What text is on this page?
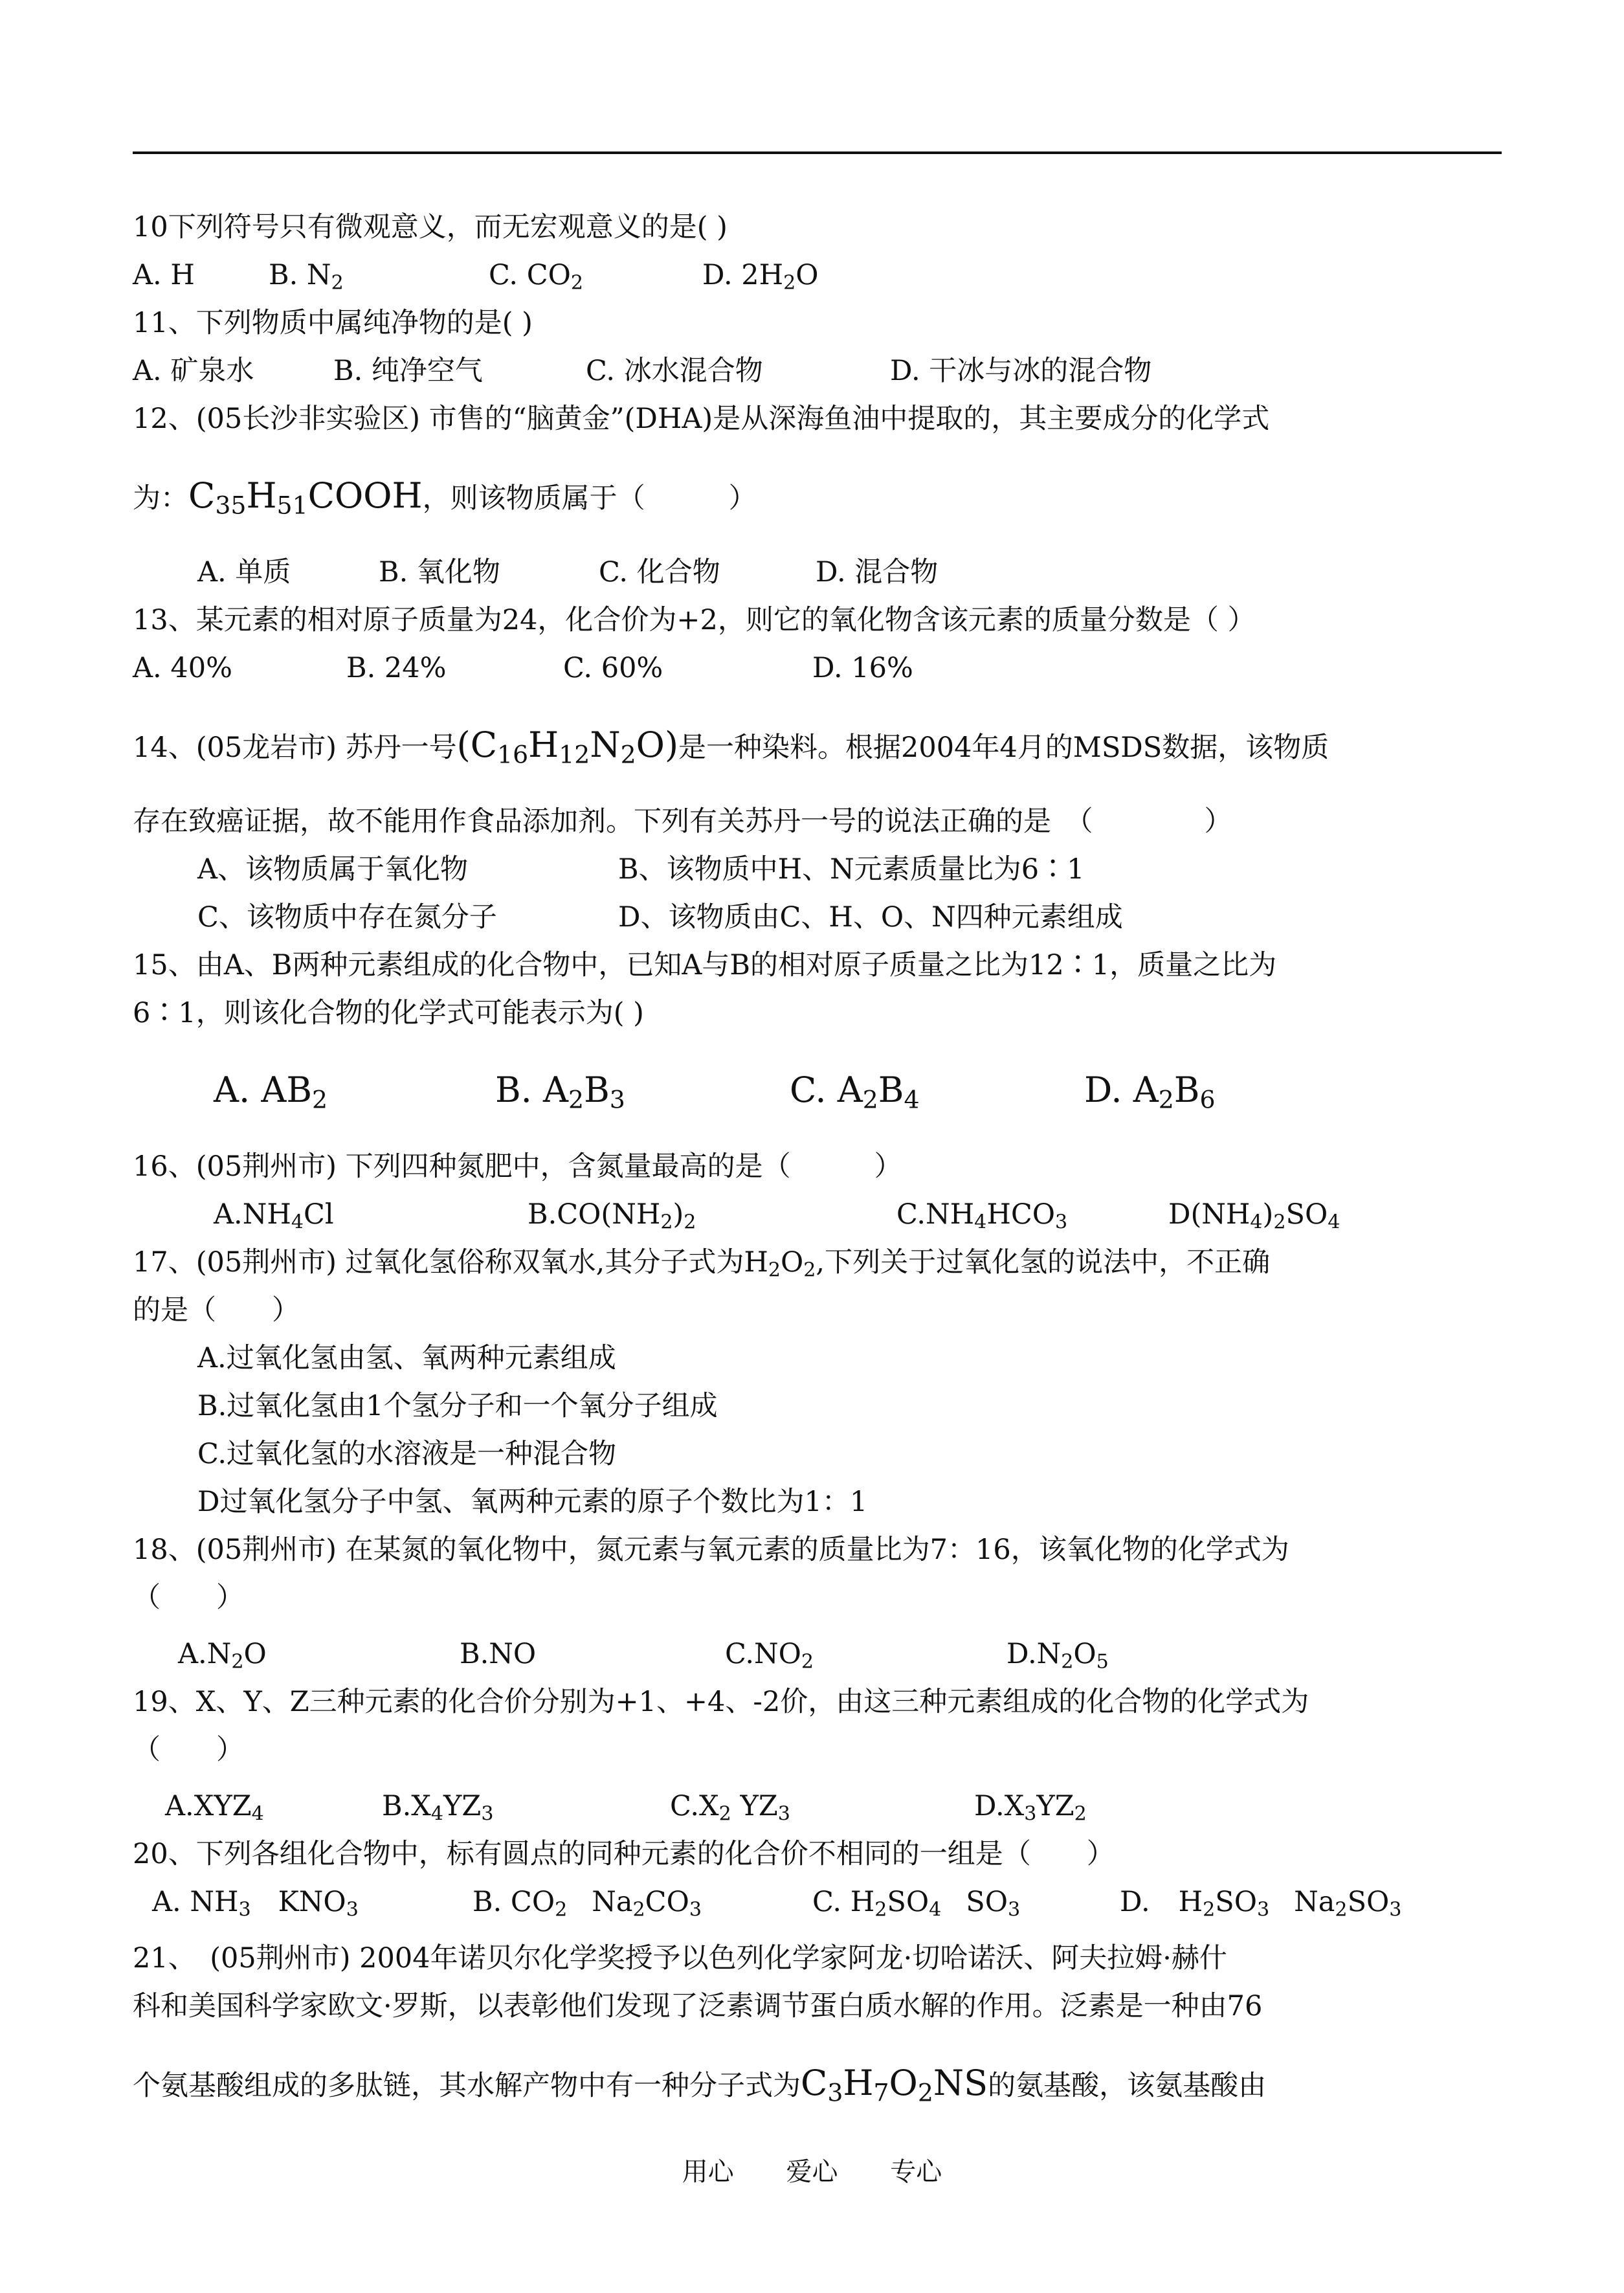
10下列符号只有微观意义，而无宏观意义的是( )
A. H	B. $N_2$	C. $CO_2$	D. $2H_2O$
11、下列物质中属纯净物的是( )
A. 矿泉水	B. 纯净空气	C. 冰水混合物	D. 干冰与冰的混合物
12、(05长沙非实验区) 市售的“脑黄金”(DHA)是从深海鱼油中提取的，其主要成分的化学式
为：$C_{35}H_{51}COOH$，则该物质属于（　　　）
A. 单质	B. 氧化物	C. 化合物	D. 混合物
13、某元素的相对原子质量为24，化合价为+2，则它的氧化物含该元素的质量分数是（ ）
A. 40%	B. 24%	C. 60%	D. 16%
14、(05龙岩市) 苏丹一号$(C_{16}H_{12}N_2O)$是一种染料。根据2004年4月的MSDS数据，该物质
存在致癌证据，故不能用作食品添加剂。下列有关苏丹一号的说法正确的是　（　　　　）
A、该物质属于氧化物	B、该物质中H、N元素质量比为6∶1
C、该物质中存在氮分子	D、该物质由C、H、O、N四种元素组成
15、由A、B两种元素组成的化合物中，已知A与B的相对原子质量之比为12∶1，质量之比为
6∶1，则该化合物的化学式可能表示为( )
A. $AB_2$	B. $A_2B_3$	C. $A_2B_4$	D. $A_2B_6$
16、(05荆州市) 下列四种氮肥中，含氮量最高的是（　　　）
$A.NH_4Cl$	$B.CO(NH_2)_2$	$C.NH_4HCO_3$	$D(NH_4)_2SO_4$
17、(05荆州市) 过氧化氢俗称双氧水,其分子式为$H_2O_2$,下列关于过氧化氢的说法中，不正确
的是（　　）
A.过氧化氢由氢、氧两种元素组成
B.过氧化氢由1个氢分子和一个氧分子组成
C.过氧化氢的水溶液是一种混合物
D过氧化氢分子中氢、氧两种元素的原子个数比为1：1
18、(05荆州市) 在某氮的氧化物中，氮元素与氧元素的质量比为7：16，该氧化物的化学式为
（　　）
$A.N_2O$	B.NO	$C.NO_2$	$D.N_2O_5$
19、X、Y、Z三种元素的化合价分别为+1、+4、-2价，由这三种元素组成的化合物的化学式为
（　　）
$A.XYZ_4$	$B.X_4YZ_3$	$C.X_2$ $YZ_3$	$D.X_3YZ_2$
20、下列各组化合物中，标有圆点的同种元素的化合价不相同的一组是（　　）
A. $NH_3$ $KNO_3$	B. $CO_2$ $Na_2CO_3$	C. $H_2SO_4$ $SO_3$	D. $H_2SO_3$ $Na_2SO_3$
21、　(05荆州市) 2004年诺贝尔化学奖授予以色列化学家阿龙·切哈诺沃、阿夫拉姆·赫什
科和美国科学家欧文·罗斯，以表彰他们发现了泛素调节蛋白质水解的作用。泛素是一种由76
个氨基酸组成的多肽链，其水解产物中有一种分子式为$C_3H_7O_2NS$的氨基酸，该氨基酸由
用心 爱心 专心
